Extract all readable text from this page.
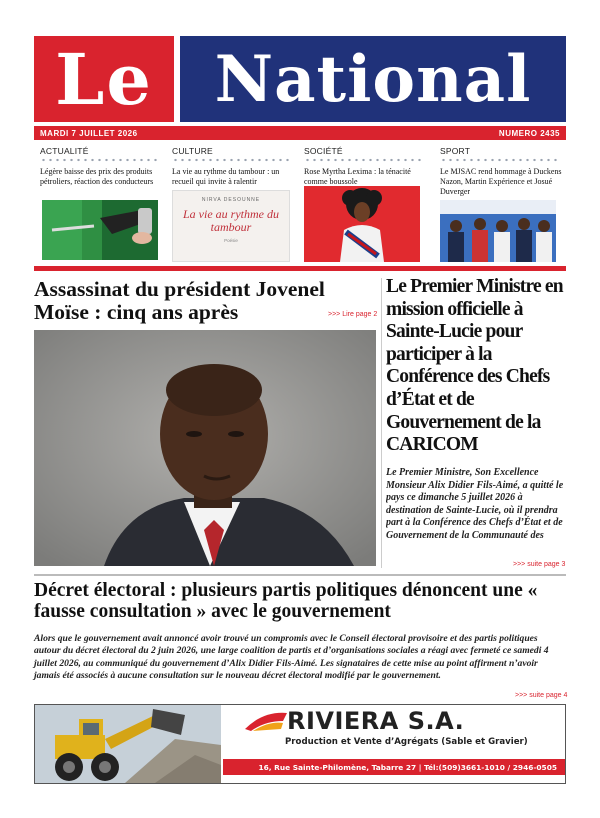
Le National
MARDI 7 JUILLET 2026	NUMERO 2435
ACTUALITÉ
Légère baisse des prix des produits pétroliers, réaction des conducteurs
CULTURE
La vie au rythme du tambour : un recueil qui invite à ralentir
NIRVA DESOUNNE
La vie au rythme du tambour
Poésie
SOCIÉTÉ
Rose Myrtha Lexima : la ténacité comme boussole
SPORT
Le MJSAC rend hommage à Duckens Nazon, Martin Expérience et Josué Duverger
Assassinat du président Jovenel Moïse : cinq ans après	>>> Lire page 2
Le Premier Ministre en mission officielle à Sainte-Lucie pour participer à la Conférence des Chefs d’État et de Gouvernement de la CARICOM
Le Premier Ministre, Son Excellence Monsieur Alix Didier Fils-Aimé, a quitté le pays ce dimanche 5 juillet 2026 à destination de Sainte-Lucie, où il prendra part à la Conférence des Chefs d’État et de Gouvernement de la Communauté des
>>> suite page 3
Décret électoral : plusieurs partis politiques dénoncent une « fausse consultation » avec le gouvernement
Alors que le gouvernement avait annoncé avoir trouvé un compromis avec le Conseil électoral provisoire et des partis politiques autour du décret électoral du 2 juin 2026, une large coalition de partis et d’organisations sociales a réagi avec fermeté ce samedi 4 juillet 2026, au communiqué du gouvernement d’Alix Didier Fils-Aimé. Les signataires de cette mise au point affirment n’avoir jamais été associés à aucune consultation sur le nouveau décret électoral modifié par le gouvernement.
>>> suite page 4
RIVIERA S.A.
Production et Vente d’Agrégats (Sable et Gravier)
16, Rue Sainte-Philomène, Tabarre 27 | Tél:(509)3661-1010 / 2946-0505
